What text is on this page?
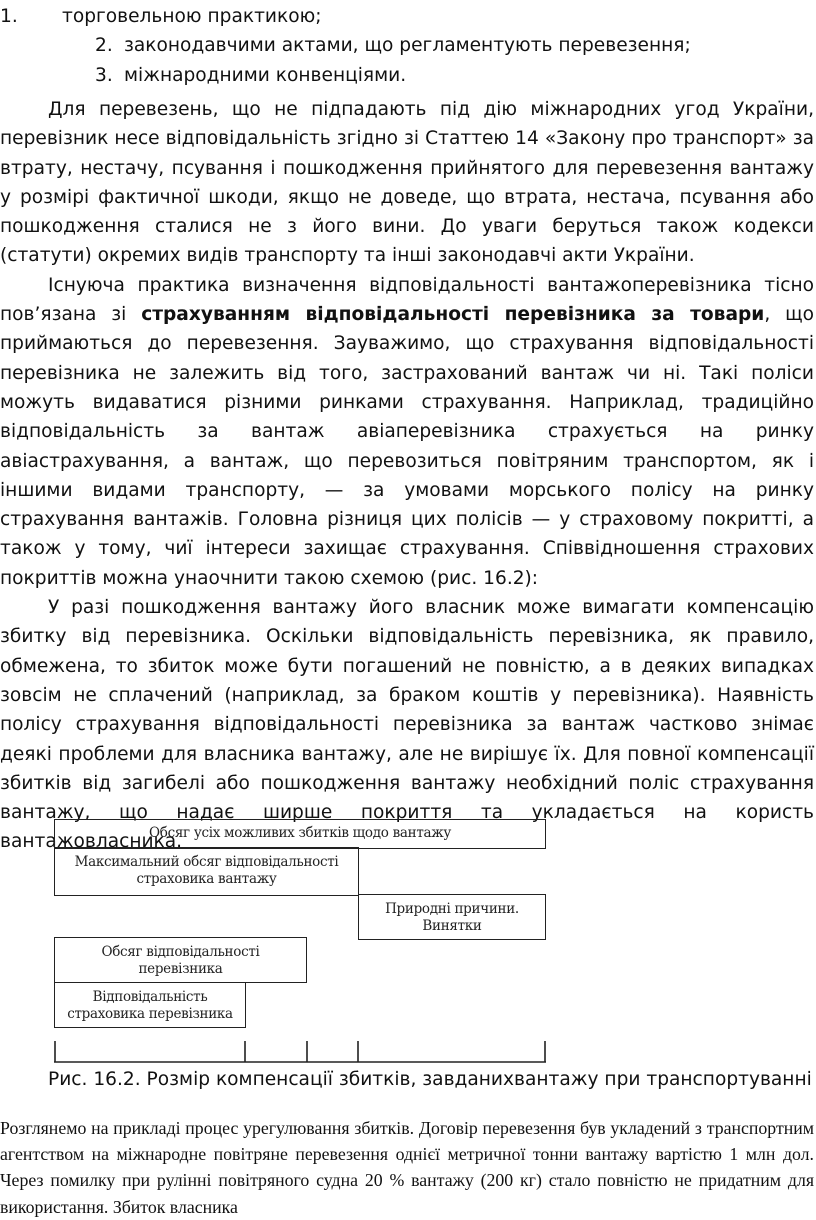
1. торговельною практикою;
2. законодавчими актами, що регламентують перевезення;
3. міжнародними конвенціями.

Для перевезень, що не підпадають під дію міжнародних угод України, перевізник несе відповідальність згідно зі Статтею 14 «Закону про транспорт» за втрату, нестачу, псування і пошкодження прийнятого для перевезення вантажу у розмірі фактичної шкоди, якщо не доведе, що втрата, нестача, псування або пошкодження сталися не з його вини. До уваги беруться також кодекси (статути) окремих видів транспорту та інші законодавчі акти України.

Існуюча практика визначення відповідальності вантажоперевізника тісно пов’язана зі страхуванням відповідальності перевізника за товари, що приймаються до перевезення. Зауважимо, що страхування відповідальності перевізника не залежить від того, застрахований вантаж чи ні. Такі поліси можуть видаватися різними ринками страхування. Наприклад, традиційно відповідальність за вантаж авіаперевізника страхується на ринку авіастрахування, а вантаж, що перевозиться повітряним транспортом, як і іншими видами транспорту, — за умовами морського полісу на ринку страхування вантажів. Головна різниця цих полісів — у страховому покритті, а також у тому, чиї інтереси захищає страхування. Співвідношення страхових покриттів можна унаочнити такою схемою (рис. 16.2):

У разі пошкодження вантажу його власник може вимагати компенсацію збитку від перевізника. Оскільки відповідальність перевізника, як правило, обмежена, то збиток може бути погашений не повністю, а в деяких випадках зовсім не сплачений (наприклад, за браком коштів у перевізника). Наявність полісу страхування відповідальності перевізника за вантаж частково знімає деякі проблеми для власника вантажу, але не вирішує їх. Для повної компенсації збитків від загибелі або пошкодження вантажу необхідний поліс страхування вантажу, що надає ширше покриття та укладається на користь вантажовласника.

Обсяг усіх можливих збитків щодо вантажу
Максимальний обсяг відповідальності
страховика вантажу
Природні причини.
Винятки
Обсяг відповідальності
перевізника
Відповідальність
страховика перевізника

Рис. 16.2. Розмір компенсації збитків, завданихвантажу при транспортуванні

Розглянемо на прикладі процес урегулювання збитків. Договір перевезення був укладений з транспортним агентством на міжнародне повітряне перевезення однієї метричної тонни вантажу вартістю 1 млн дол. Через помилку при рулінні повітряного судна 20 % вантажу (200 кг) стало повністю не придатним для використання. Збиток власника
